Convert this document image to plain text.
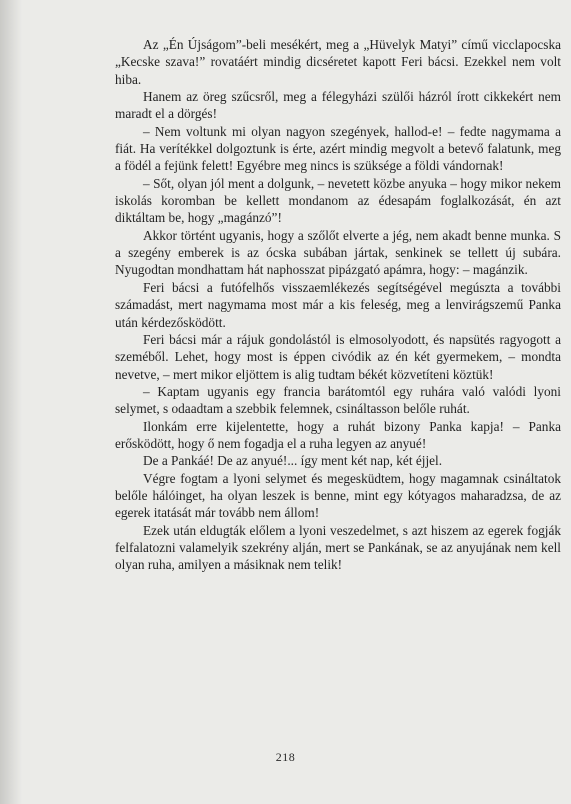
Az „Én Újságom”-beli mesékért, meg a „Hüvelyk Matyi” című vicclapocska „Kecske szava!” rovatáért mindig dicséretet kapott Feri bácsi. Ezekkel nem volt hiba.

Hanem az öreg szűcsről, meg a félegyházi szülői házról írott cikkekért nem maradt el a dörgés!

– Nem voltunk mi olyan nagyon szegények, hallod-e! – fedte nagymama a fiát. Ha verítékkel dolgoztunk is érte, azért mindig megvolt a betevő falatunk, meg a födél a fejünk felett! Egyébre meg nincs is szüksége a földi vándornak!

– Sőt, olyan jól ment a dolgunk, – nevetett közbe anyuka – hogy mikor nekem iskolás koromban be kellett mondanom az édesapám foglalkozását, én azt diktáltam be, hogy „magánzó”!

Akkor történt ugyanis, hogy a szőlőt elverte a jég, nem akadt benne munka. S a szegény emberek is az ócska subában jártak, senkinek se tellett új subára. Nyugodtan mondhattam hát naphosszat pipázgató apámra, hogy: – magánzik.

Feri bácsi a futófelhős visszaemlékezés segítségével megúszta a további számadást, mert nagymama most már a kis feleség, meg a lenvirágszemű Panka után kérdezősködött.

Feri bácsi már a rájuk gondolástól is elmosolyodott, és napsütés ragyogott a szeméből. Lehet, hogy most is éppen civódik az én két gyermekem, – mondta nevetve, – mert mikor eljöttem is alig tudtam békét közvetíteni köztük!

– Kaptam ugyanis egy francia barátomtól egy ruhára való valódi lyoni selymet, s odaadtam a szebbik felemnek, csináltasson belőle ruhát.

Ilonkám erre kijelentette, hogy a ruhát bizony Panka kapja! – Panka erősködött, hogy ő nem fogadja el a ruha legyen az anyué!

De a Pankáé! De az anyué!... így ment két nap, két éjjel.

Végre fogtam a lyoni selymet és megesküdtem, hogy magamnak csináltatok belőle hálóinget, ha olyan leszek is benne, mint egy kótyagos maharadzsa, de az egerek itatását már tovább nem állom!

Ezek után eldugták előlem a lyoni veszedelmet, s azt hiszem az egerek fogják felfalatozni valamelyik szekrény alján, mert se Pankának, se az anyujának nem kell olyan ruha, amilyen a másiknak nem telik!

218
